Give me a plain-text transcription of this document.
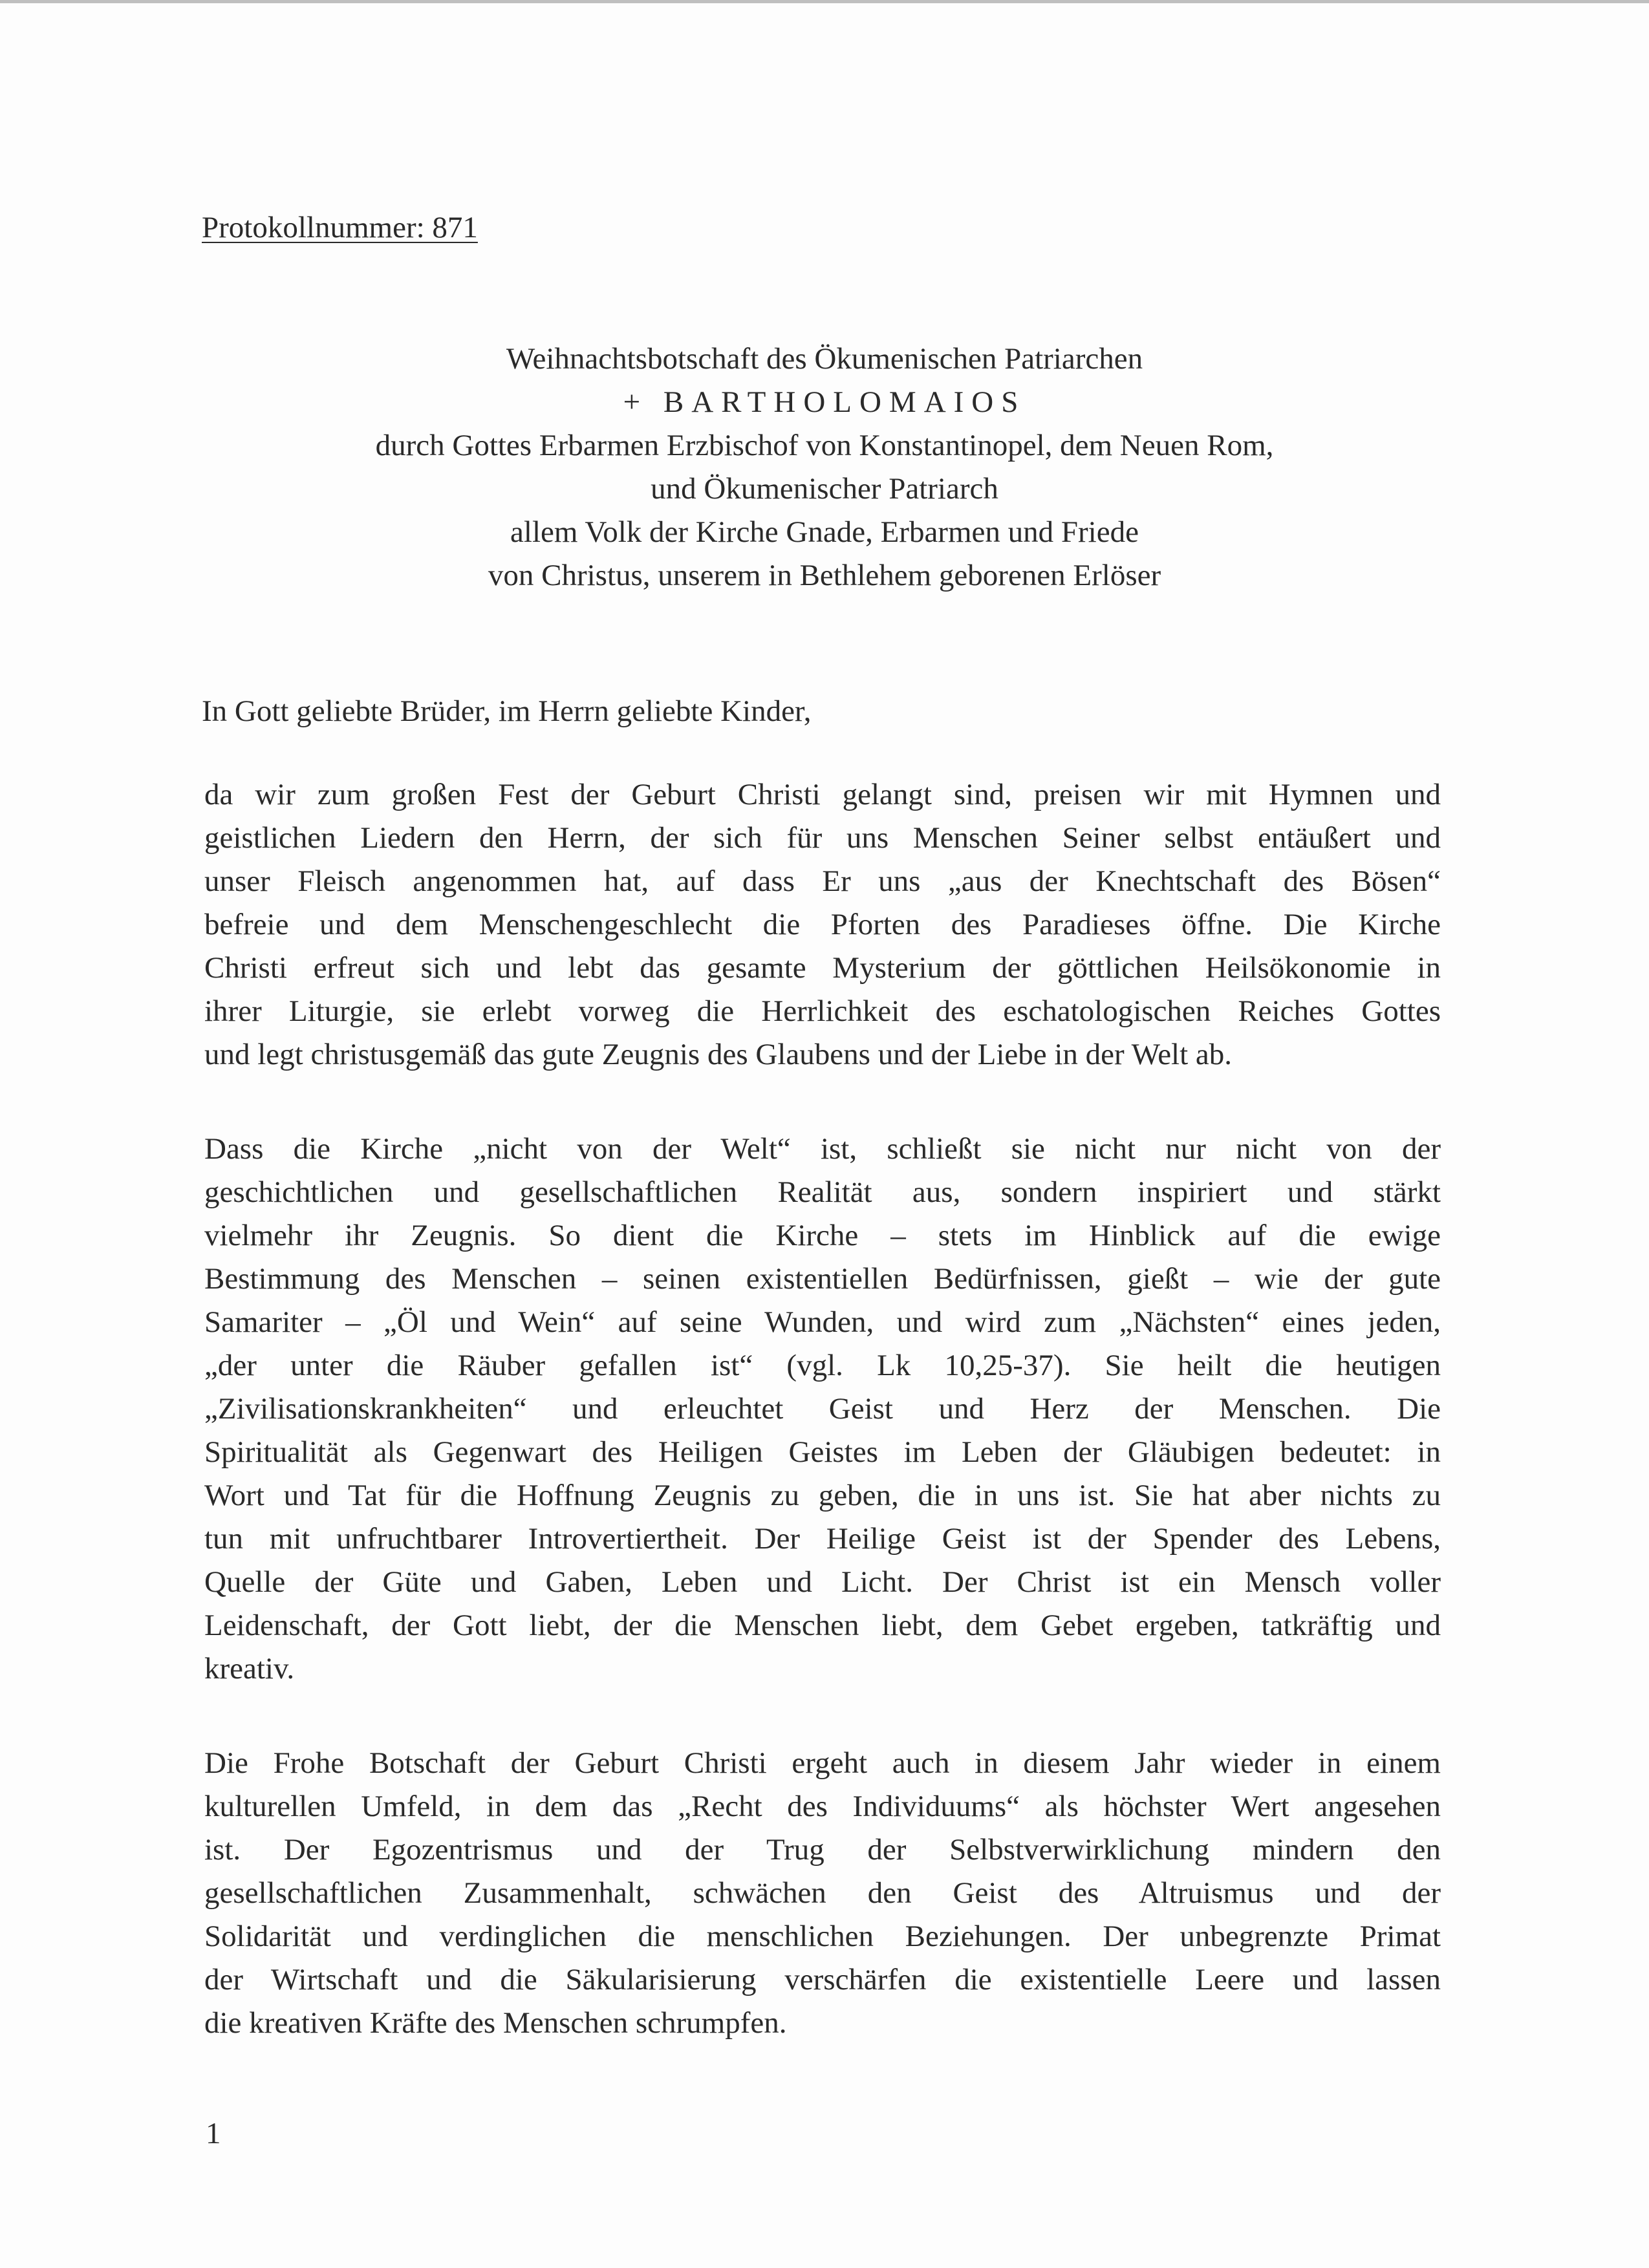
Protokollnummer: 871
Weihnachtsbotschaft des Ökumenischen Patriarchen
+ BARTHOLOMAIOS
durch Gottes Erbarmen Erzbischof von Konstantinopel, dem Neuen Rom,
und Ökumenischer Patriarch
allem Volk der Kirche Gnade, Erbarmen und Friede
von Christus, unserem in Bethlehem geborenen Erlöser
In Gott geliebte Brüder, im Herrn geliebte Kinder,
da wir zum großen Fest der Geburt Christi gelangt sind, preisen wir mit Hymnen und
geistlichen Liedern den Herrn, der sich für uns Menschen Seiner selbst entäußert und
unser Fleisch angenommen hat, auf dass Er uns „aus der Knechtschaft des Bösen“
befreie und dem Menschengeschlecht die Pforten des Paradieses öffne. Die Kirche
Christi erfreut sich und lebt das gesamte Mysterium der göttlichen Heilsökonomie in
ihrer Liturgie, sie erlebt vorweg die Herrlichkeit des eschatologischen Reiches Gottes
und legt christusgemäß das gute Zeugnis des Glaubens und der Liebe in der Welt ab.
Dass die Kirche „nicht von der Welt“ ist, schließt sie nicht nur nicht von der
geschichtlichen und gesellschaftlichen Realität aus, sondern inspiriert und stärkt
vielmehr ihr Zeugnis. So dient die Kirche – stets im Hinblick auf die ewige
Bestimmung des Menschen – seinen existentiellen Bedürfnissen, gießt – wie der gute
Samariter – „Öl und Wein“ auf seine Wunden, und wird zum „Nächsten“ eines jeden,
„der unter die Räuber gefallen ist“ (vgl. Lk 10,25-37). Sie heilt die heutigen
„Zivilisationskrankheiten“ und erleuchtet Geist und Herz der Menschen. Die
Spiritualität als Gegenwart des Heiligen Geistes im Leben der Gläubigen bedeutet: in
Wort und Tat für die Hoffnung Zeugnis zu geben, die in uns ist. Sie hat aber nichts zu
tun mit unfruchtbarer Introvertiertheit. Der Heilige Geist ist der Spender des Lebens,
Quelle der Güte und Gaben, Leben und Licht. Der Christ ist ein Mensch voller
Leidenschaft, der Gott liebt, der die Menschen liebt, dem Gebet ergeben, tatkräftig und
kreativ.
Die Frohe Botschaft der Geburt Christi ergeht auch in diesem Jahr wieder in einem
kulturellen Umfeld, in dem das „Recht des Individuums“ als höchster Wert angesehen
ist. Der Egozentrismus und der Trug der Selbstverwirklichung mindern den
gesellschaftlichen Zusammenhalt, schwächen den Geist des Altruismus und der
Solidarität und verdinglichen die menschlichen Beziehungen. Der unbegrenzte Primat
der Wirtschaft und die Säkularisierung verschärfen die existentielle Leere und lassen
die kreativen Kräfte des Menschen schrumpfen.
1
